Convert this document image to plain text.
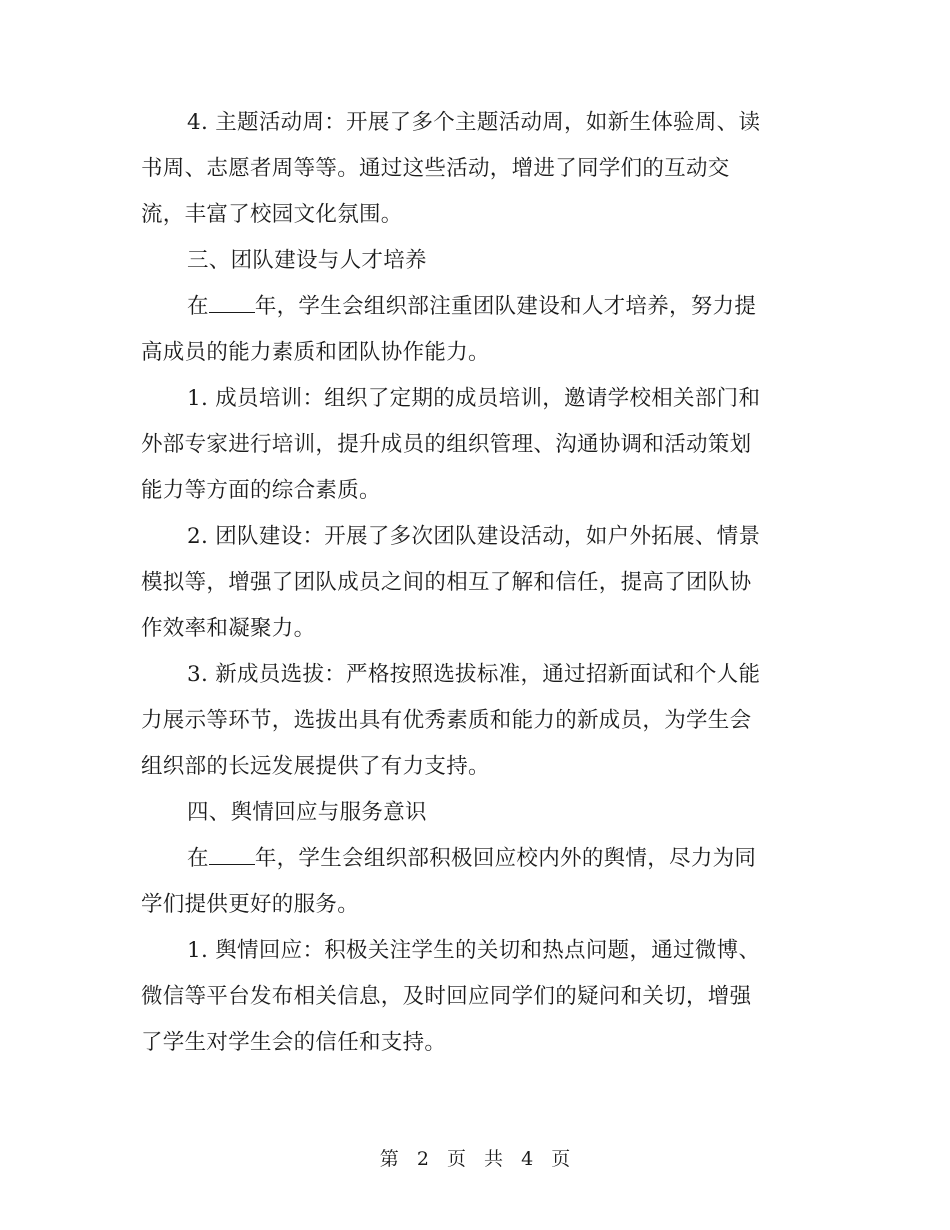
4. 主题活动周：开展了多个主题活动周，如新生体验周、读
书周、志愿者周等等。通过这些活动，增进了同学们的互动交
流，丰富了校园文化氛围。
三、团队建设与人才培养
在 年，学生会组织部注重团队建设和人才培养，努力提
高成员的能力素质和团队协作能力。
1. 成员培训：组织了定期的成员培训，邀请学校相关部门和
外部专家进行培训，提升成员的组织管理、沟通协调和活动策划
能力等方面的综合素质。
2. 团队建设：开展了多次团队建设活动，如户外拓展、情景
模拟等，增强了团队成员之间的相互了解和信任，提高了团队协
作效率和凝聚力。
3. 新成员选拔：严格按照选拔标准，通过招新面试和个人能
力展示等环节，选拔出具有优秀素质和能力的新成员，为学生会
组织部的长远发展提供了有力支持。
四、舆情回应与服务意识
在 年，学生会组织部积极回应校内外的舆情，尽力为同
学们提供更好的服务。
1. 舆情回应：积极关注学生的关切和热点问题，通过微博、
微信等平台发布相关信息，及时回应同学们的疑问和关切，增强
了学生对学生会的信任和支持。
第 2 页 共 4 页
